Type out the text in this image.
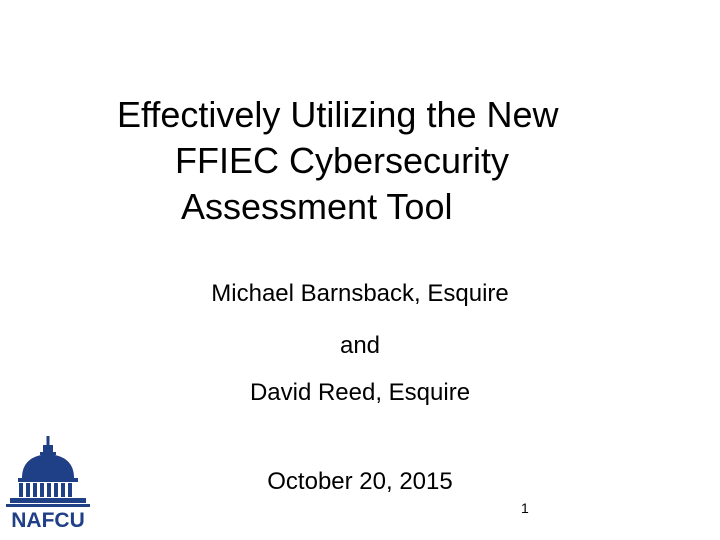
Effectively Utilizing the New
FFIEC Cybersecurity
Assessment Tool
Michael Barnsback, Esquire
and
David Reed, Esquire
October 20, 2015
1
NAFCU
